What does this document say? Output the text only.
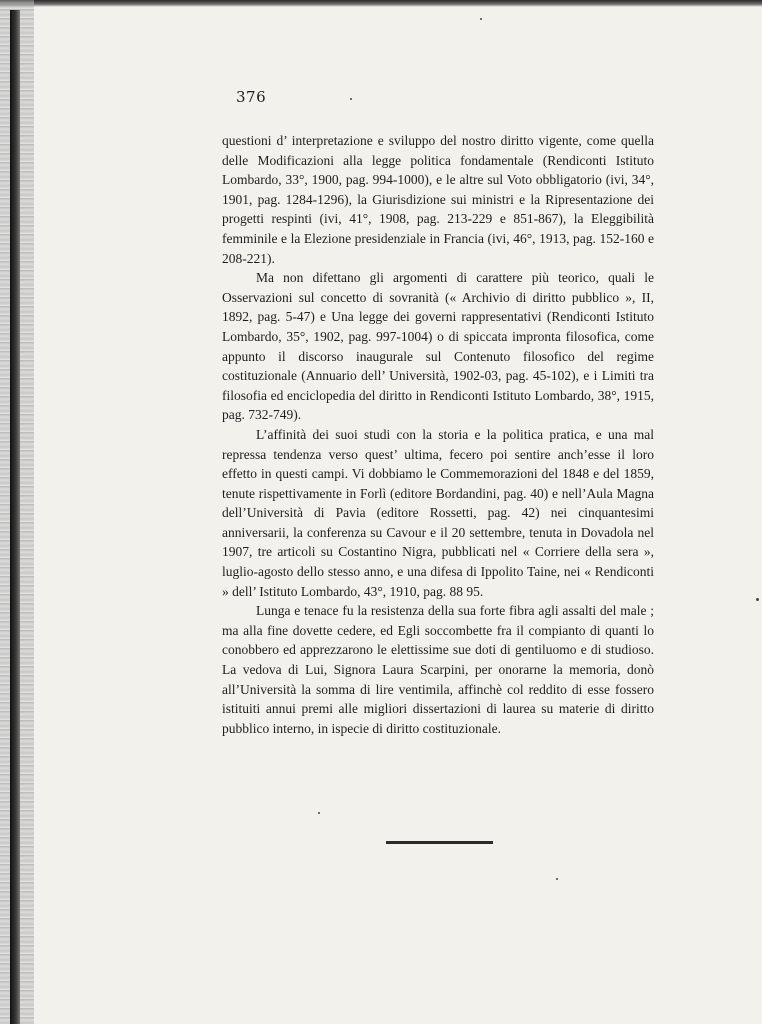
376

questioni d’ interpretazione e sviluppo del nostro diritto vigente, come quella delle Modificazioni alla legge politica fondamentale (Rendiconti Istituto Lombardo, 33°, 1900, pag. 994-1000), e le altre sul Voto obbligatorio (ivi, 34°, 1901, pag. 1284-1296), la Giurisdizione sui ministri e la Ripresentazione dei progetti respinti (ivi, 41°, 1908, pag. 213-229 e 851-867), la Eleggibilità femminile e la Elezione presidenziale in Francia (ivi, 46°, 1913, pag. 152-160 e 208-221).

Ma non difettano gli argomenti di carattere più teorico, quali le Osservazioni sul concetto di sovranità (« Archivio di diritto pubblico », II, 1892, pag. 5-47) e Una legge dei governi rappresentativi (Rendiconti Istituto Lombardo, 35°, 1902, pag. 997-1004) o di spiccata impronta filosofica, come appunto il discorso inaugurale sul Contenuto filosofico del regime costituzionale (Annuario dell’ Università, 1902-03, pag. 45-102), e i Limiti tra filosofia ed enciclopedia del diritto in Rendiconti Istituto Lombardo, 38°, 1915, pag. 732-749).

L’affinità dei suoi studi con la storia e la politica pratica, e una mal repressa tendenza verso quest’ ultima, fecero poi sentire anch’esse il loro effetto in questi campi. Vi dobbiamo le Commemorazioni del 1848 e del 1859, tenute rispettivamente in Forlì (editore Bordandini, pag. 40) e nell’Aula Magna dell’Università di Pavia (editore Rossetti, pag. 42) nei cinquantesimi anniversarii, la conferenza su Cavour e il 20 settembre, tenuta in Dovadola nel 1907, tre articoli su Costantino Nigra, pubblicati nel « Corriere della sera », luglio-agosto dello stesso anno, e una difesa di Ippolito Taine, nei « Rendiconti » dell’ Istituto Lombardo, 43°, 1910, pag. 88 95.

Lunga e tenace fu la resistenza della sua forte fibra agli assalti del male ; ma alla fine dovette cedere, ed Egli soccombette fra il compianto di quanti lo conobbero ed apprezzarono le elettissime sue doti di gentiluomo e di studioso. La vedova di Lui, Signora Laura Scarpini, per onorarne la memoria, donò all’Università la somma di lire ventimila, affinchè col reddito di esse fossero istituiti annui premi alle migliori dissertazioni di laurea su materie di diritto pubblico interno, in ispecie di diritto costituzionale.
